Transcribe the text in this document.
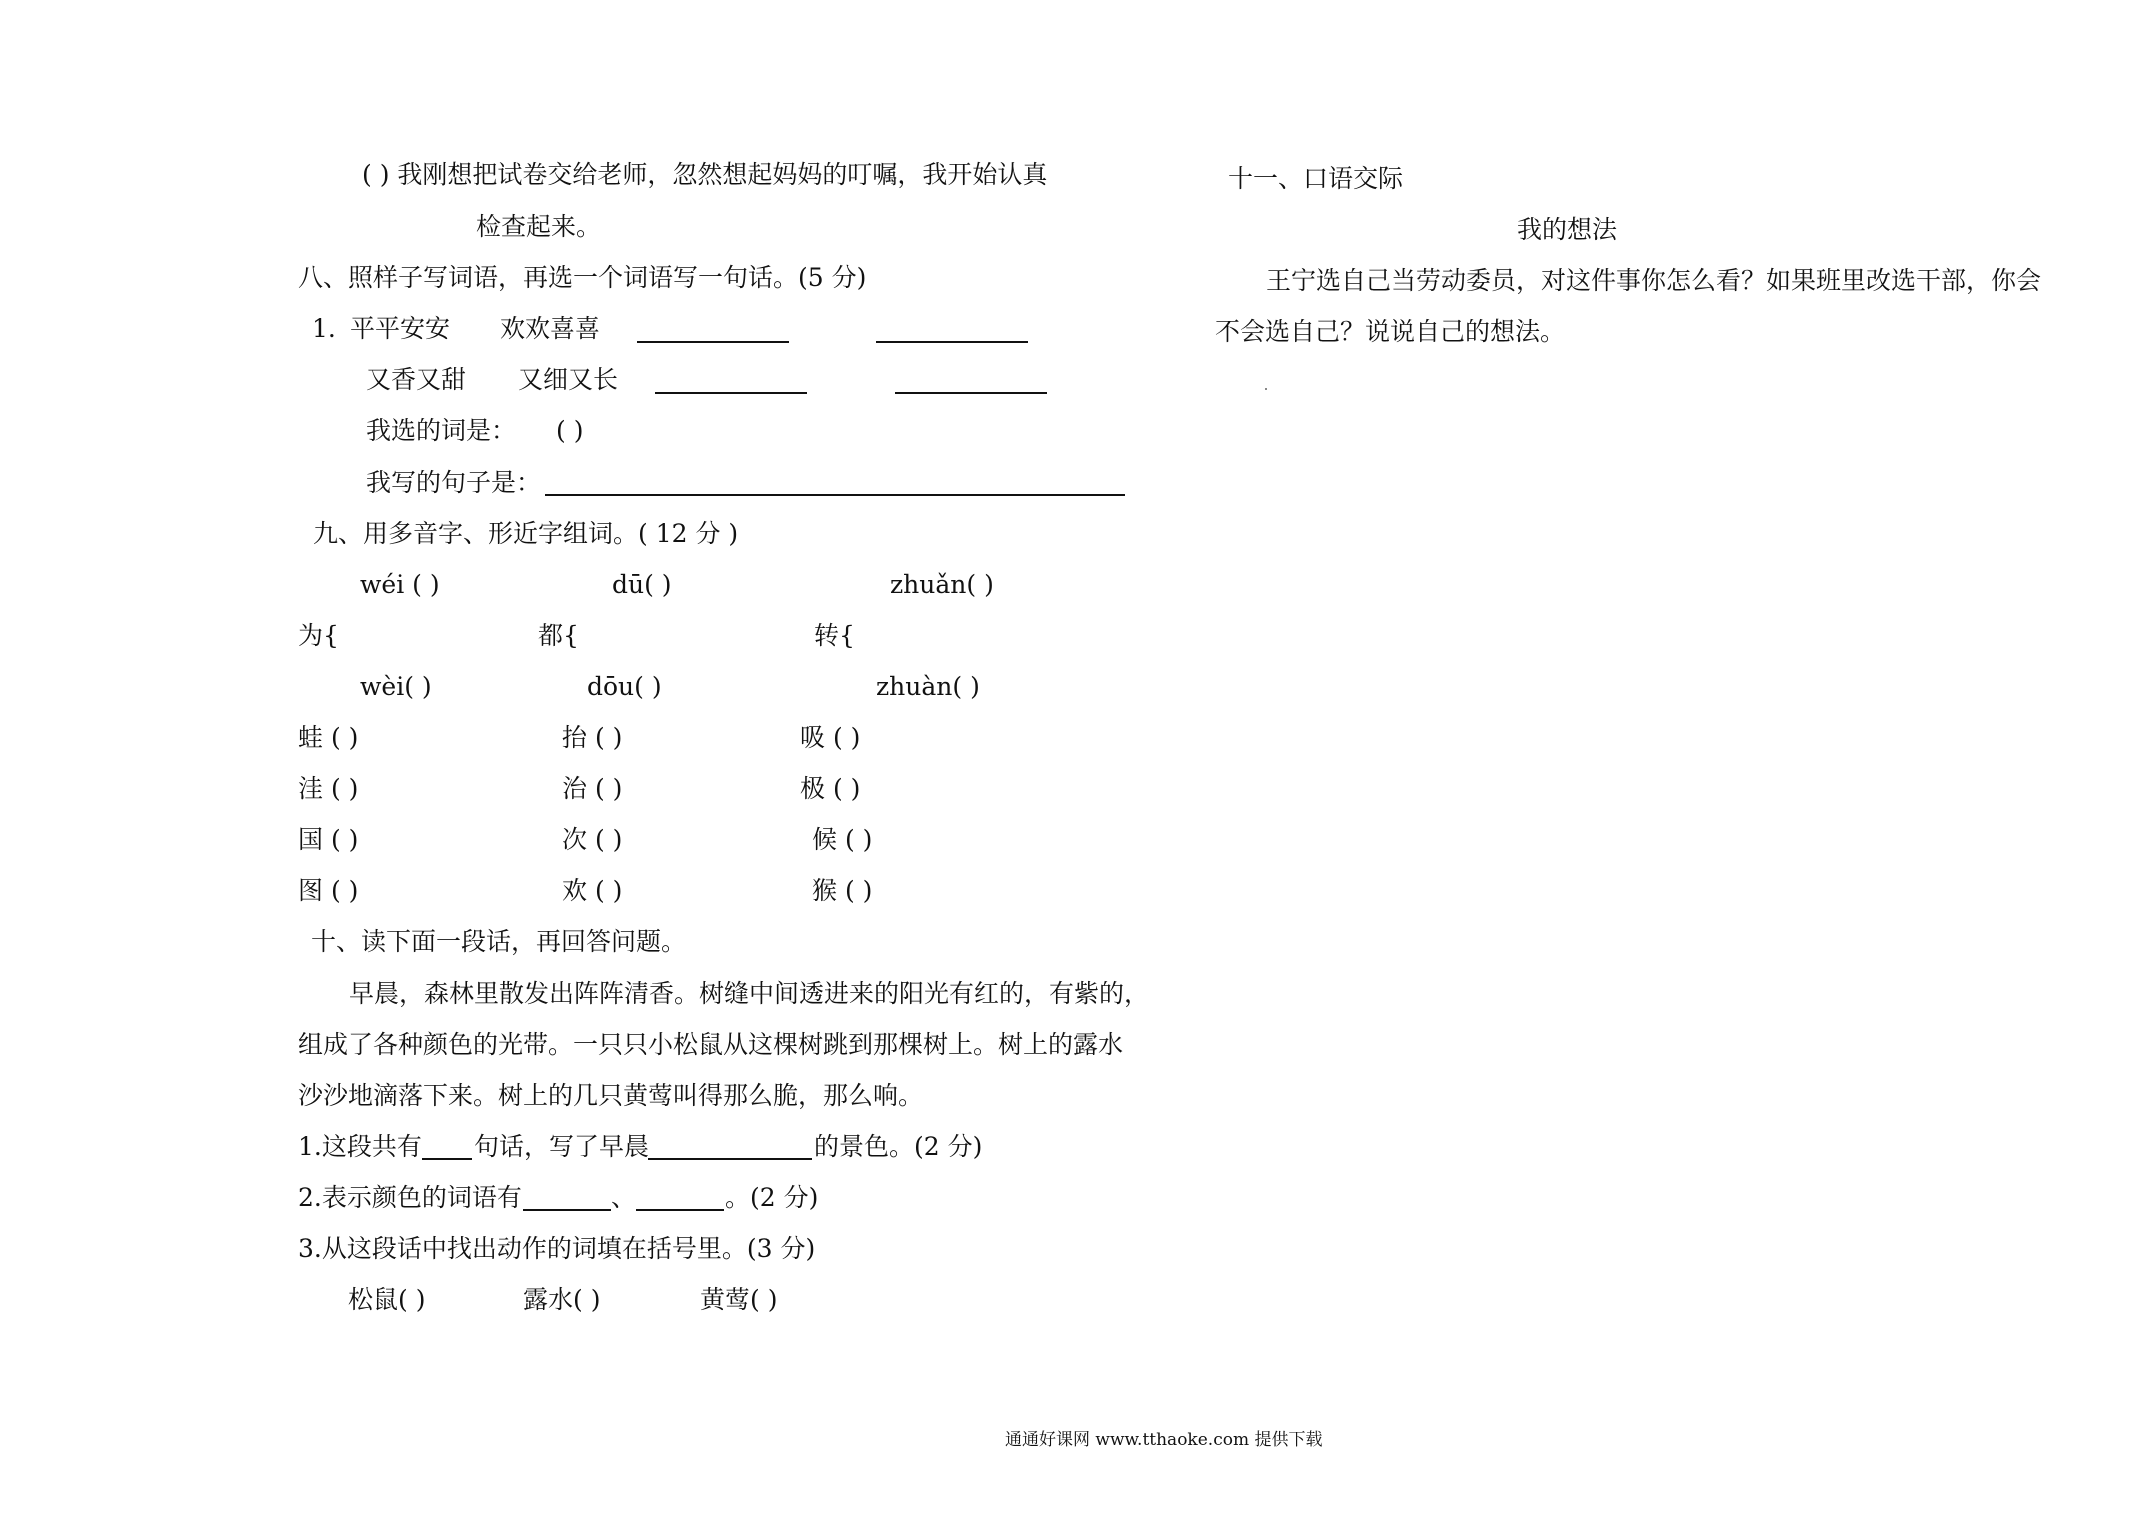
( ) 我刚想把试卷交给老师，忽然想起妈妈的叮嘱，我开始认真
检查起来。
八、照样子写词语，再选一个词语写一句话。(5 分)
1. 平平安安 欢欢喜喜
又香又甜 又细又长
我选的词是： ( )
我写的句子是：
九、用多音字、形近字组词。( 12 分 )
wéi ( )	dū( )	zhuǎn( )
为{	都{	转{
wèi( )	dōu( )	zhuàn( )
蛙 ( )	抬 ( )	吸 ( )
洼 ( )	治 ( )	极 ( )
国 ( )	次 ( )	候 ( )
图 ( )	欢 ( )	猴 ( )
十、读下面一段话，再回答问题。
早晨，森林里散发出阵阵清香。树缝中间透进来的阳光有红的，有紫的，
组成了各种颜色的光带。一只只小松鼠从这棵树跳到那棵树上。树上的露水
沙沙地滴落下来。树上的几只黄莺叫得那么脆，那么响。
1.这段共有 句话，写了早晨	的景色。(2 分)
2.表示颜色的词语有	、	。(2 分)
3.从这段话中找出动作的词填在括号里。(3 分)
松鼠( )	露水( )	黄莺( )
十一、口语交际
我的想法
王宁选自己当劳动委员，对这件事你怎么看？如果班里改选干部，你会
不会选自己？说说自己的想法。
通通好课网 www.tthaoke.com 提供下载
